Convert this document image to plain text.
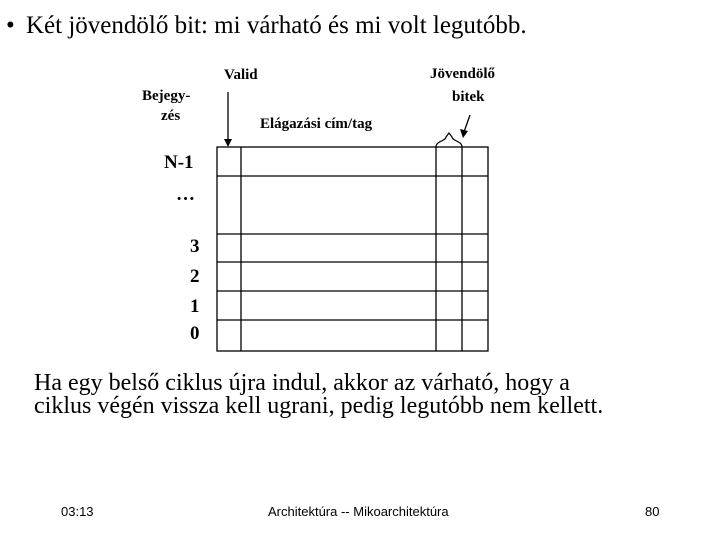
• Két jövendölő bit: mi várható és mi volt legutóbb.
Bejegy-
zés
Valid
Elágazási cím/tag
Jövendölő
bitek
N-1
…
3
2
1
0
Ha egy belső ciklus újra indul, akkor az várható, hogy a
ciklus végén vissza kell ugrani, pedig legutóbb nem kellett.
03:13	Architektúra -- Mikoarchitektúra	80
